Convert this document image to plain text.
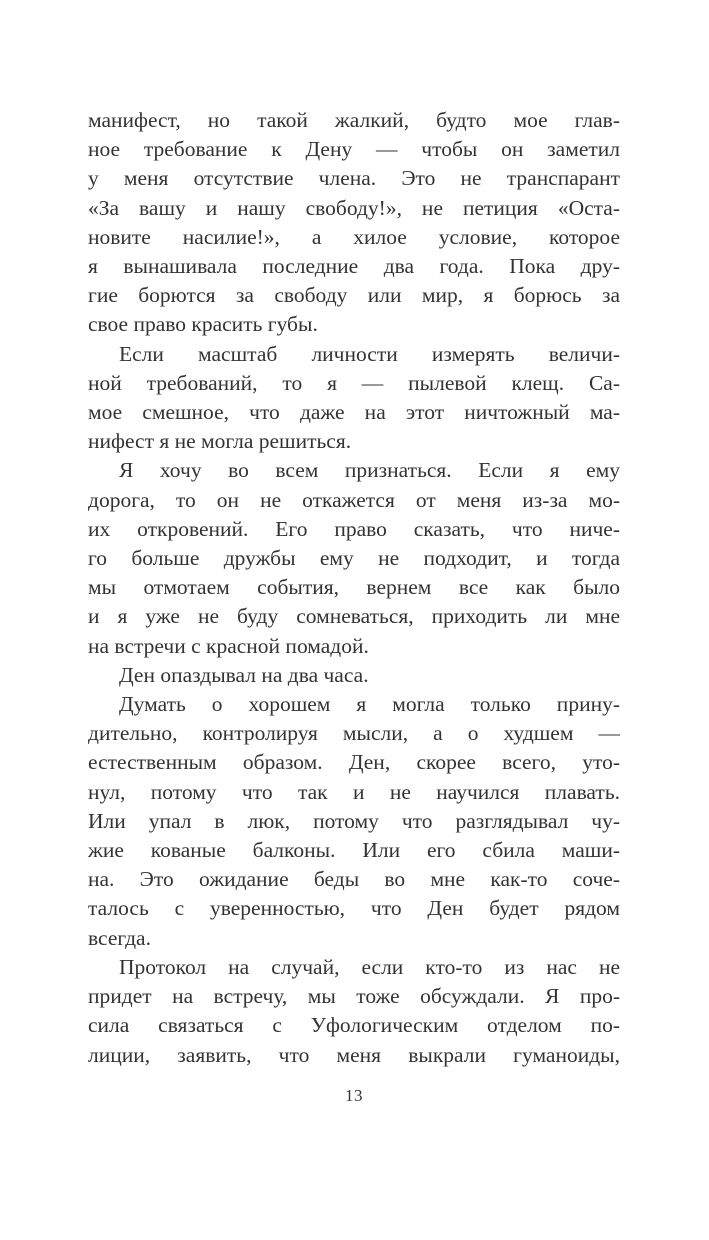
манифест, но такой жалкий, будто мое глав-
ное требование к Дену — чтобы он заметил
у меня отсутствие члена. Это не транспарант
«За вашу и нашу свободу!», не петиция «Оста-
новите насилие!», а хилое условие, которое
я вынашивала последние два года. Пока дру-
гие борются за свободу или мир, я борюсь за
свое право красить губы.
Если масштаб личности измерять величи-
ной требований, то я — пылевой клещ. Са-
мое смешное, что даже на этот ничтожный ма-
нифест я не могла решиться.
Я хочу во всем признаться. Если я ему
дорога, то он не откажется от меня из-за мо-
их откровений. Его право сказать, что ниче-
го больше дружбы ему не подходит, и тогда
мы отмотаем события, вернем все как было
и я уже не буду сомневаться, приходить ли мне
на встречи с красной помадой.
Ден опаздывал на два часа.
Думать о хорошем я могла только прину-
дительно, контролируя мысли, а о худшем —
естественным образом. Ден, скорее всего, уто-
нул, потому что так и не научился плавать.
Или упал в люк, потому что разглядывал чу-
жие кованые балконы. Или его сбила маши-
на. Это ожидание беды во мне как-то соче-
талось с уверенностью, что Ден будет рядом
всегда.
Протокол на случай, если кто-то из нас не
придет на встречу, мы тоже обсуждали. Я про-
сила связаться с Уфологическим отделом по-
лиции, заявить, что меня выкрали гуманоиды,
13
